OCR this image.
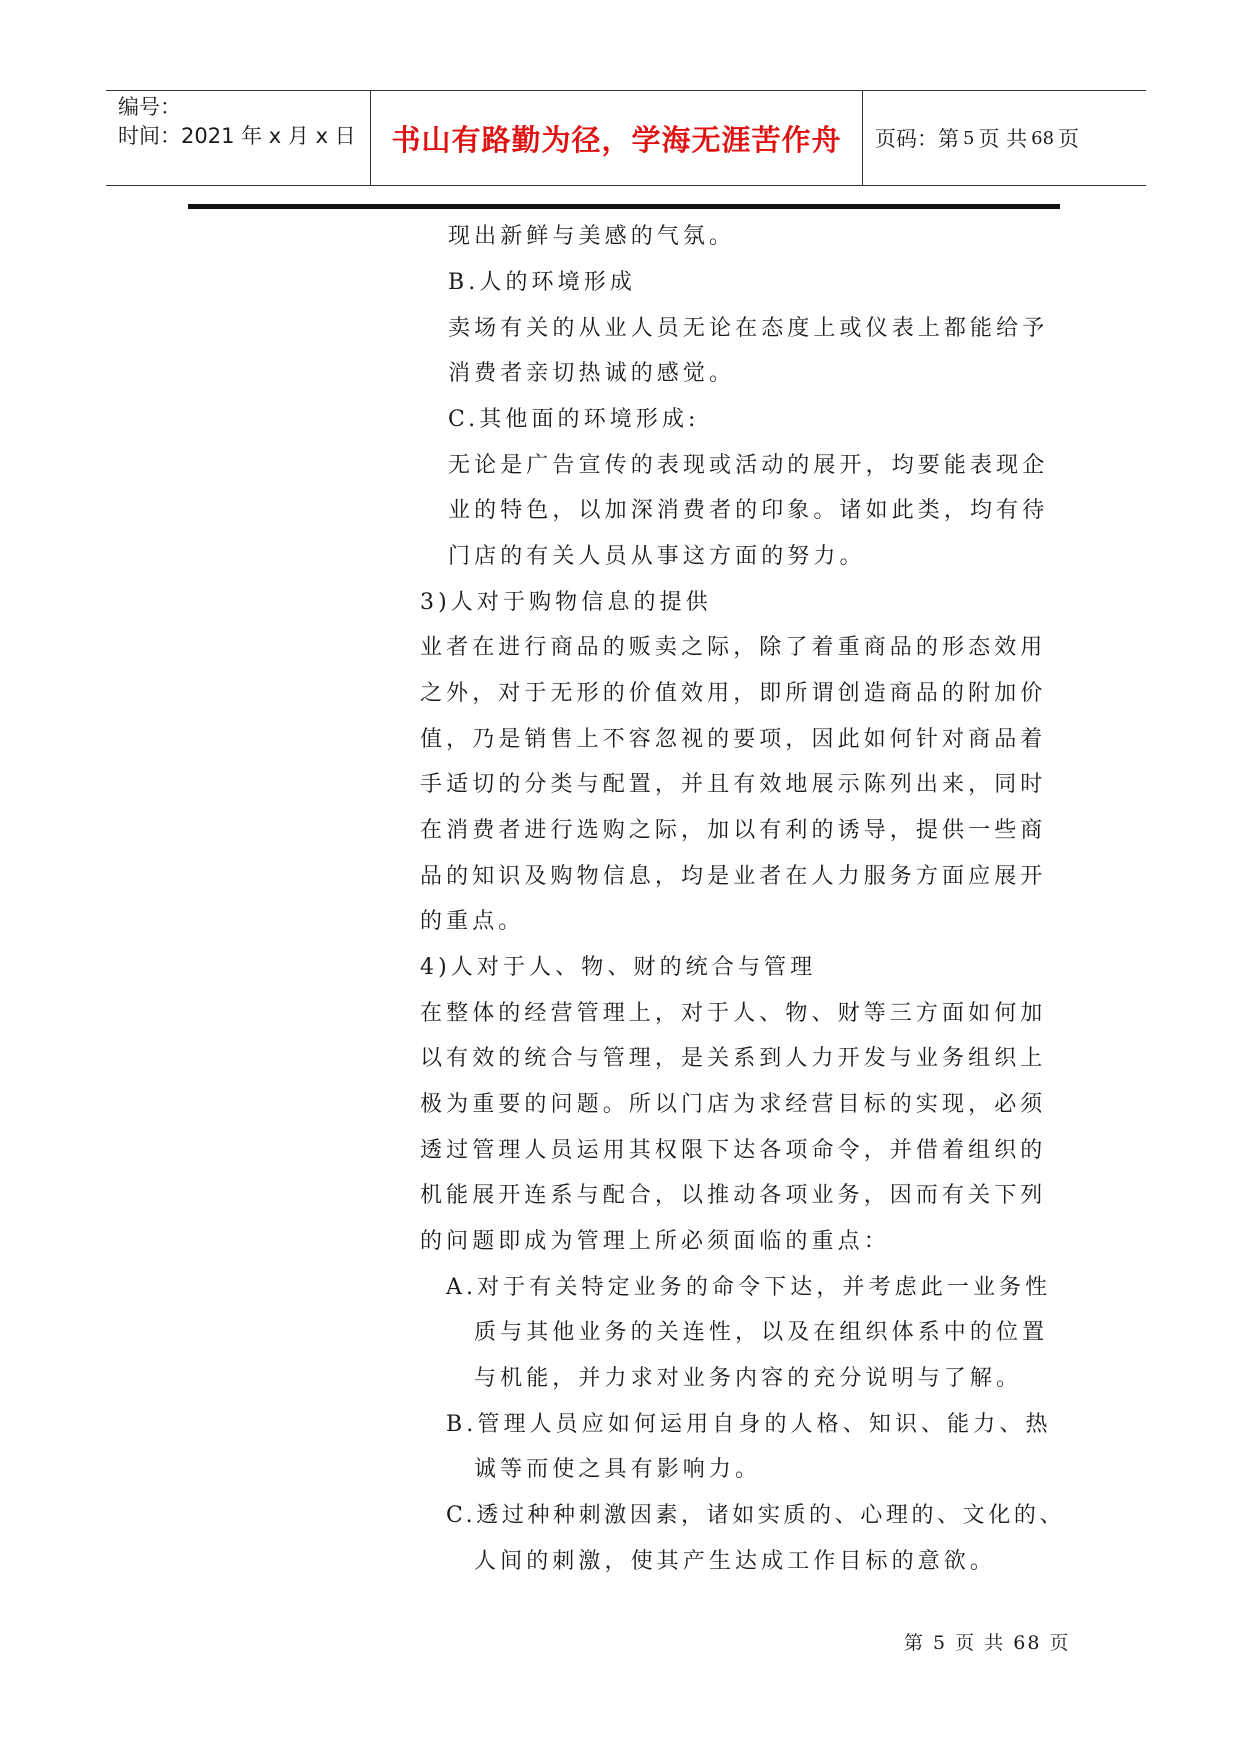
编号：
时间：2021 年 x 月 x 日	书山有路勤为径，学海无涯苦作舟	页码：第 5 页 共 68 页
现出新鲜与美感的气氛。
B.人的环境形成
卖场有关的从业人员无论在态度上或仪表上都能给予
消费者亲切热诚的感觉。
C.其他面的环境形成:
无论是广告宣传的表现或活动的展开，均要能表现企
业的特色，以加深消费者的印象。诸如此类，均有待
门店的有关人员从事这方面的努力。
3)人对于购物信息的提供
业者在进行商品的贩卖之际，除了着重商品的形态效用
之外，对于无形的价值效用，即所谓创造商品的附加价
值，乃是销售上不容忽视的要项，因此如何针对商品着
手适切的分类与配置，并且有效地展示陈列出来，同时
在消费者进行选购之际，加以有利的诱导，提供一些商
品的知识及购物信息，均是业者在人力服务方面应展开
的重点。
4)人对于人、物、财的统合与管理
在整体的经营管理上，对于人、物、财等三方面如何加
以有效的统合与管理，是关系到人力开发与业务组织上
极为重要的问题。所以门店为求经营目标的实现，必须
透过管理人员运用其权限下达各项命令，并借着组织的
机能展开连系与配合，以推动各项业务，因而有关下列
的问题即成为管理上所必须面临的重点：
A.对于有关特定业务的命令下达，并考虑此一业务性
质与其他业务的关连性，以及在组织体系中的位置
与机能，并力求对业务内容的充分说明与了解。
B.管理人员应如何运用自身的人格、知识、能力、热
诚等而使之具有影响力。
C.透过种种刺激因素，诸如实质的、心理的、文化的、
人间的刺激，使其产生达成工作目标的意欲。
第 5 页 共 68 页
